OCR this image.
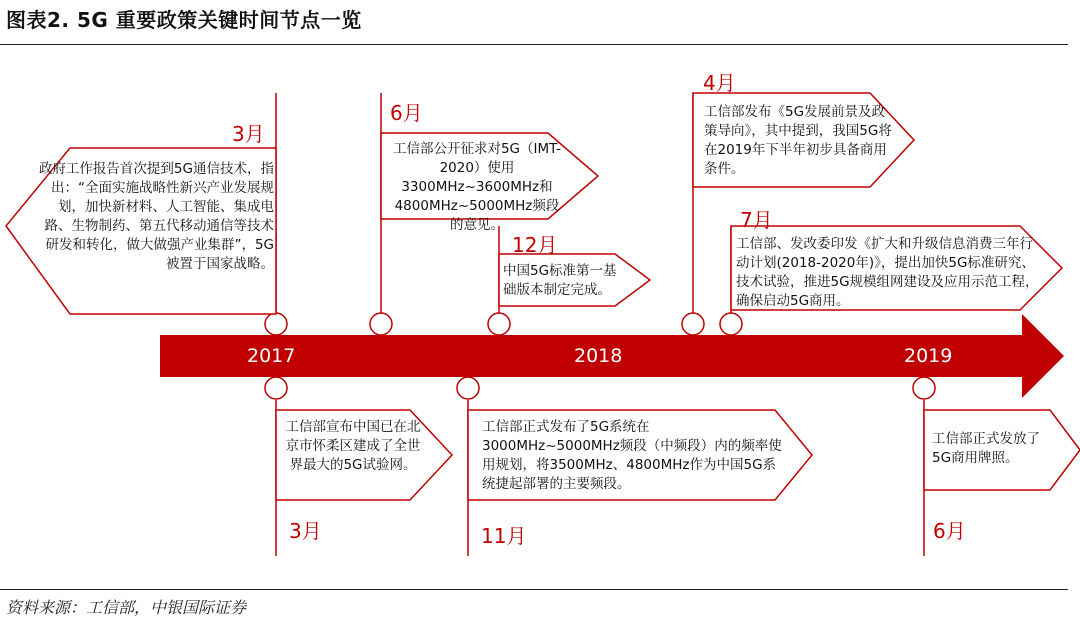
图表2. 5G 重要政策关键时间节点一览
2017	2018	2019
3月
6月
12月
4月
7月
3月	11月	6月
政府工作报告首次提到5G通信技术，指出：“全面实施战略性新兴产业发展规划，加快新材料、人工智能、集成电路、生物制药、第五代移动通信等技术研发和转化，做大做强产业集群”，5G被置于国家战略。
工信部公开征求对5G（IMT-2020）使用3300MHz~3600MHz和4800MHz~5000MHz频段的意见。
中国5G标准第一基础版本制定完成。
工信部发布《5G发展前景及政策导向》，其中提到，我国5G将在2019年下半年初步具备商用条件。
工信部、发改委印发《扩大和升级信息消费三年行动计划(2018-2020年)》，提出加快5G标准研究、技术试验，推进5G规模组网建设及应用示范工程，确保启动5G商用。
工信部宣布中国已在北京市怀柔区建成了全世界最大的5G试验网。
工信部正式发布了5G系统在3000MHz~5000MHz频段（中频段）内的频率使用规划，将3500MHz、4800MHz作为中国5G系统捷起部署的主要频段。
工信部正式发放了5G商用牌照。
资料来源：工信部，中银国际证券
